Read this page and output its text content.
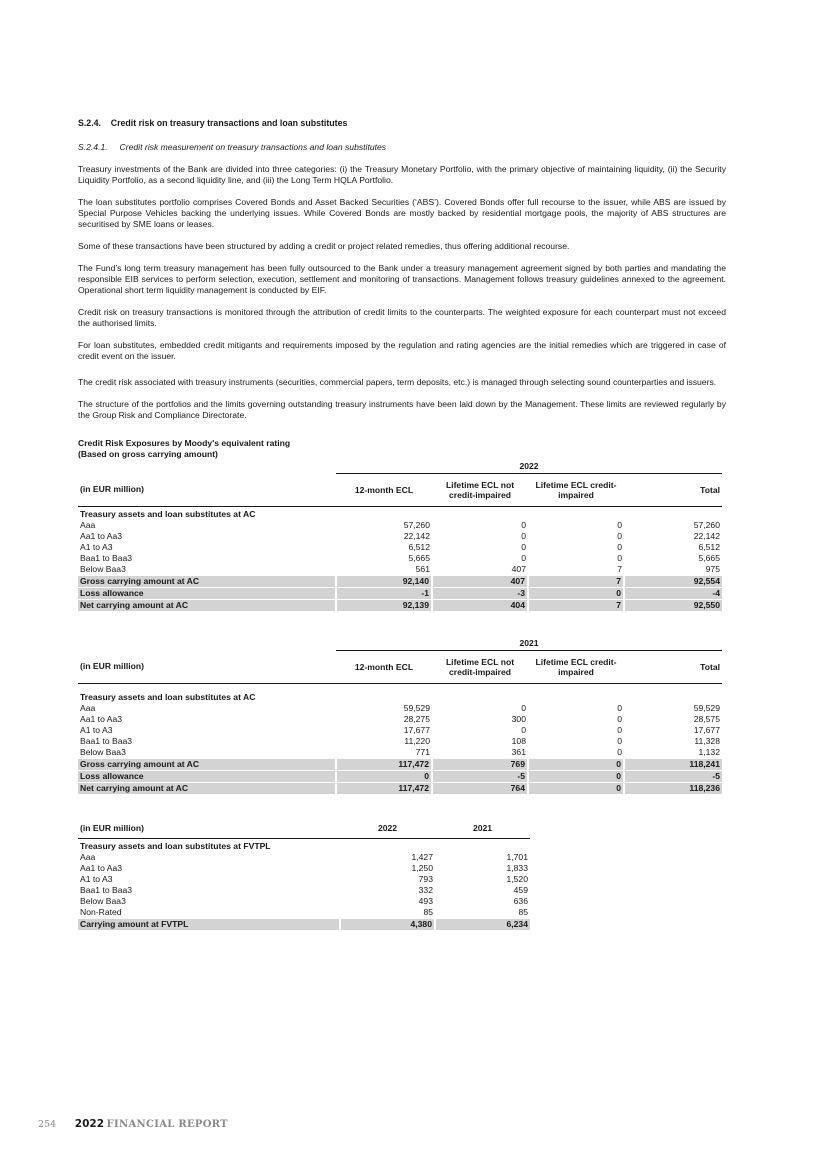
S.2.4.    Credit risk on treasury transactions and loan substitutes
S.2.4.1.     Credit risk measurement on treasury transactions and loan substitutes

Treasury investments of the Bank are divided into three categories: (i) the Treasury Monetary Portfolio, with the primary objective of maintaining liquidity, (ii) the Security Liquidity Portfolio, as a second liquidity line, and (iii) the Long Term HQLA Portfolio.

The loan substitutes portfolio comprises Covered Bonds and Asset Backed Securities (‘ABS’). Covered Bonds offer full recourse to the issuer, while ABS are issued by Special Purpose Vehicles backing the underlying issues. While Covered Bonds are mostly backed by residential mortgage pools, the majority of ABS structures are securitised by SME loans or leases.

Some of these transactions have been structured by adding a credit or project related remedies, thus offering additional recourse.

The Fund’s long term treasury management has been fully outsourced to the Bank under a treasury management agreement signed by both parties and mandating the responsible EIB services to perform selection, execution, settlement and monitoring of transactions. Management follows treasury guidelines annexed to the agreement. Operational short term liquidity management is conducted by EIF.

Credit risk on treasury transactions is monitored through the attribution of credit limits to the counterparts. The weighted exposure for each counterpart must not exceed the authorised limits.

For loan substitutes, embedded credit mitigants and requirements imposed by the regulation and rating agencies are the initial remedies which are triggered in case of credit event on the issuer.

The credit risk associated with treasury instruments (securities, commercial papers, term deposits, etc.) is managed through selecting sound counterparties and issuers.

The structure of the portfolios and the limits governing outstanding treasury instruments have been laid down by the Management. These limits are reviewed regularly by the Group Risk and Compliance Directorate.

Credit Risk Exposures by Moody's equivalent rating
(Based on gross carrying amount)
	2022			
(in EUR million)	12-month ECL	Lifetime ECL not credit-impaired	Lifetime ECL credit-impaired	Total
Treasury assets and loan substitutes at AC				
Aaa	57,260	0	0	57,260
Aa1 to Aa3	22,142	0	0	22,142
A1 to A3	6,512	0	0	6,512
Baa1 to Baa3	5,665	0	0	5,665
Below Baa3	561	407	7	975
Gross carrying amount at AC	92,140	407	7	92,554
Loss allowance	-1	-3	0	-4
Net carrying amount at AC	92,139	404	7	92,550
	2021			
(in EUR million)	12-month ECL	Lifetime ECL not credit-impaired	Lifetime ECL credit-impaired	Total

Treasury assets and loan substitutes at AC				
Aaa	59,529	0	0	59,529
Aa1 to Aa3	28,275	300	0	28,575
A1 to A3	17,677	0	0	17,677
Baa1 to Baa3	11,220	108	0	11,328
Below Baa3	771	361	0	1,132
Gross carrying amount at AC	117,472	769	0	118,241
Loss allowance	0	-5	0	-5
Net carrying amount at AC	117,472	764	0	118,236
(in EUR million)	2022	2021
Treasury assets and loan substitutes at FVTPL		
Aaa	1,427	1,701
Aa1 to Aa3	1,250	1,833
A1 to A3	793	1,520
Baa1 to Baa3	332	459
Below Baa3	493	636
Non-Rated	85	85
Carrying amount at FVTPL	4,380	6,234
254 2022 FINANCIAL REPORT
